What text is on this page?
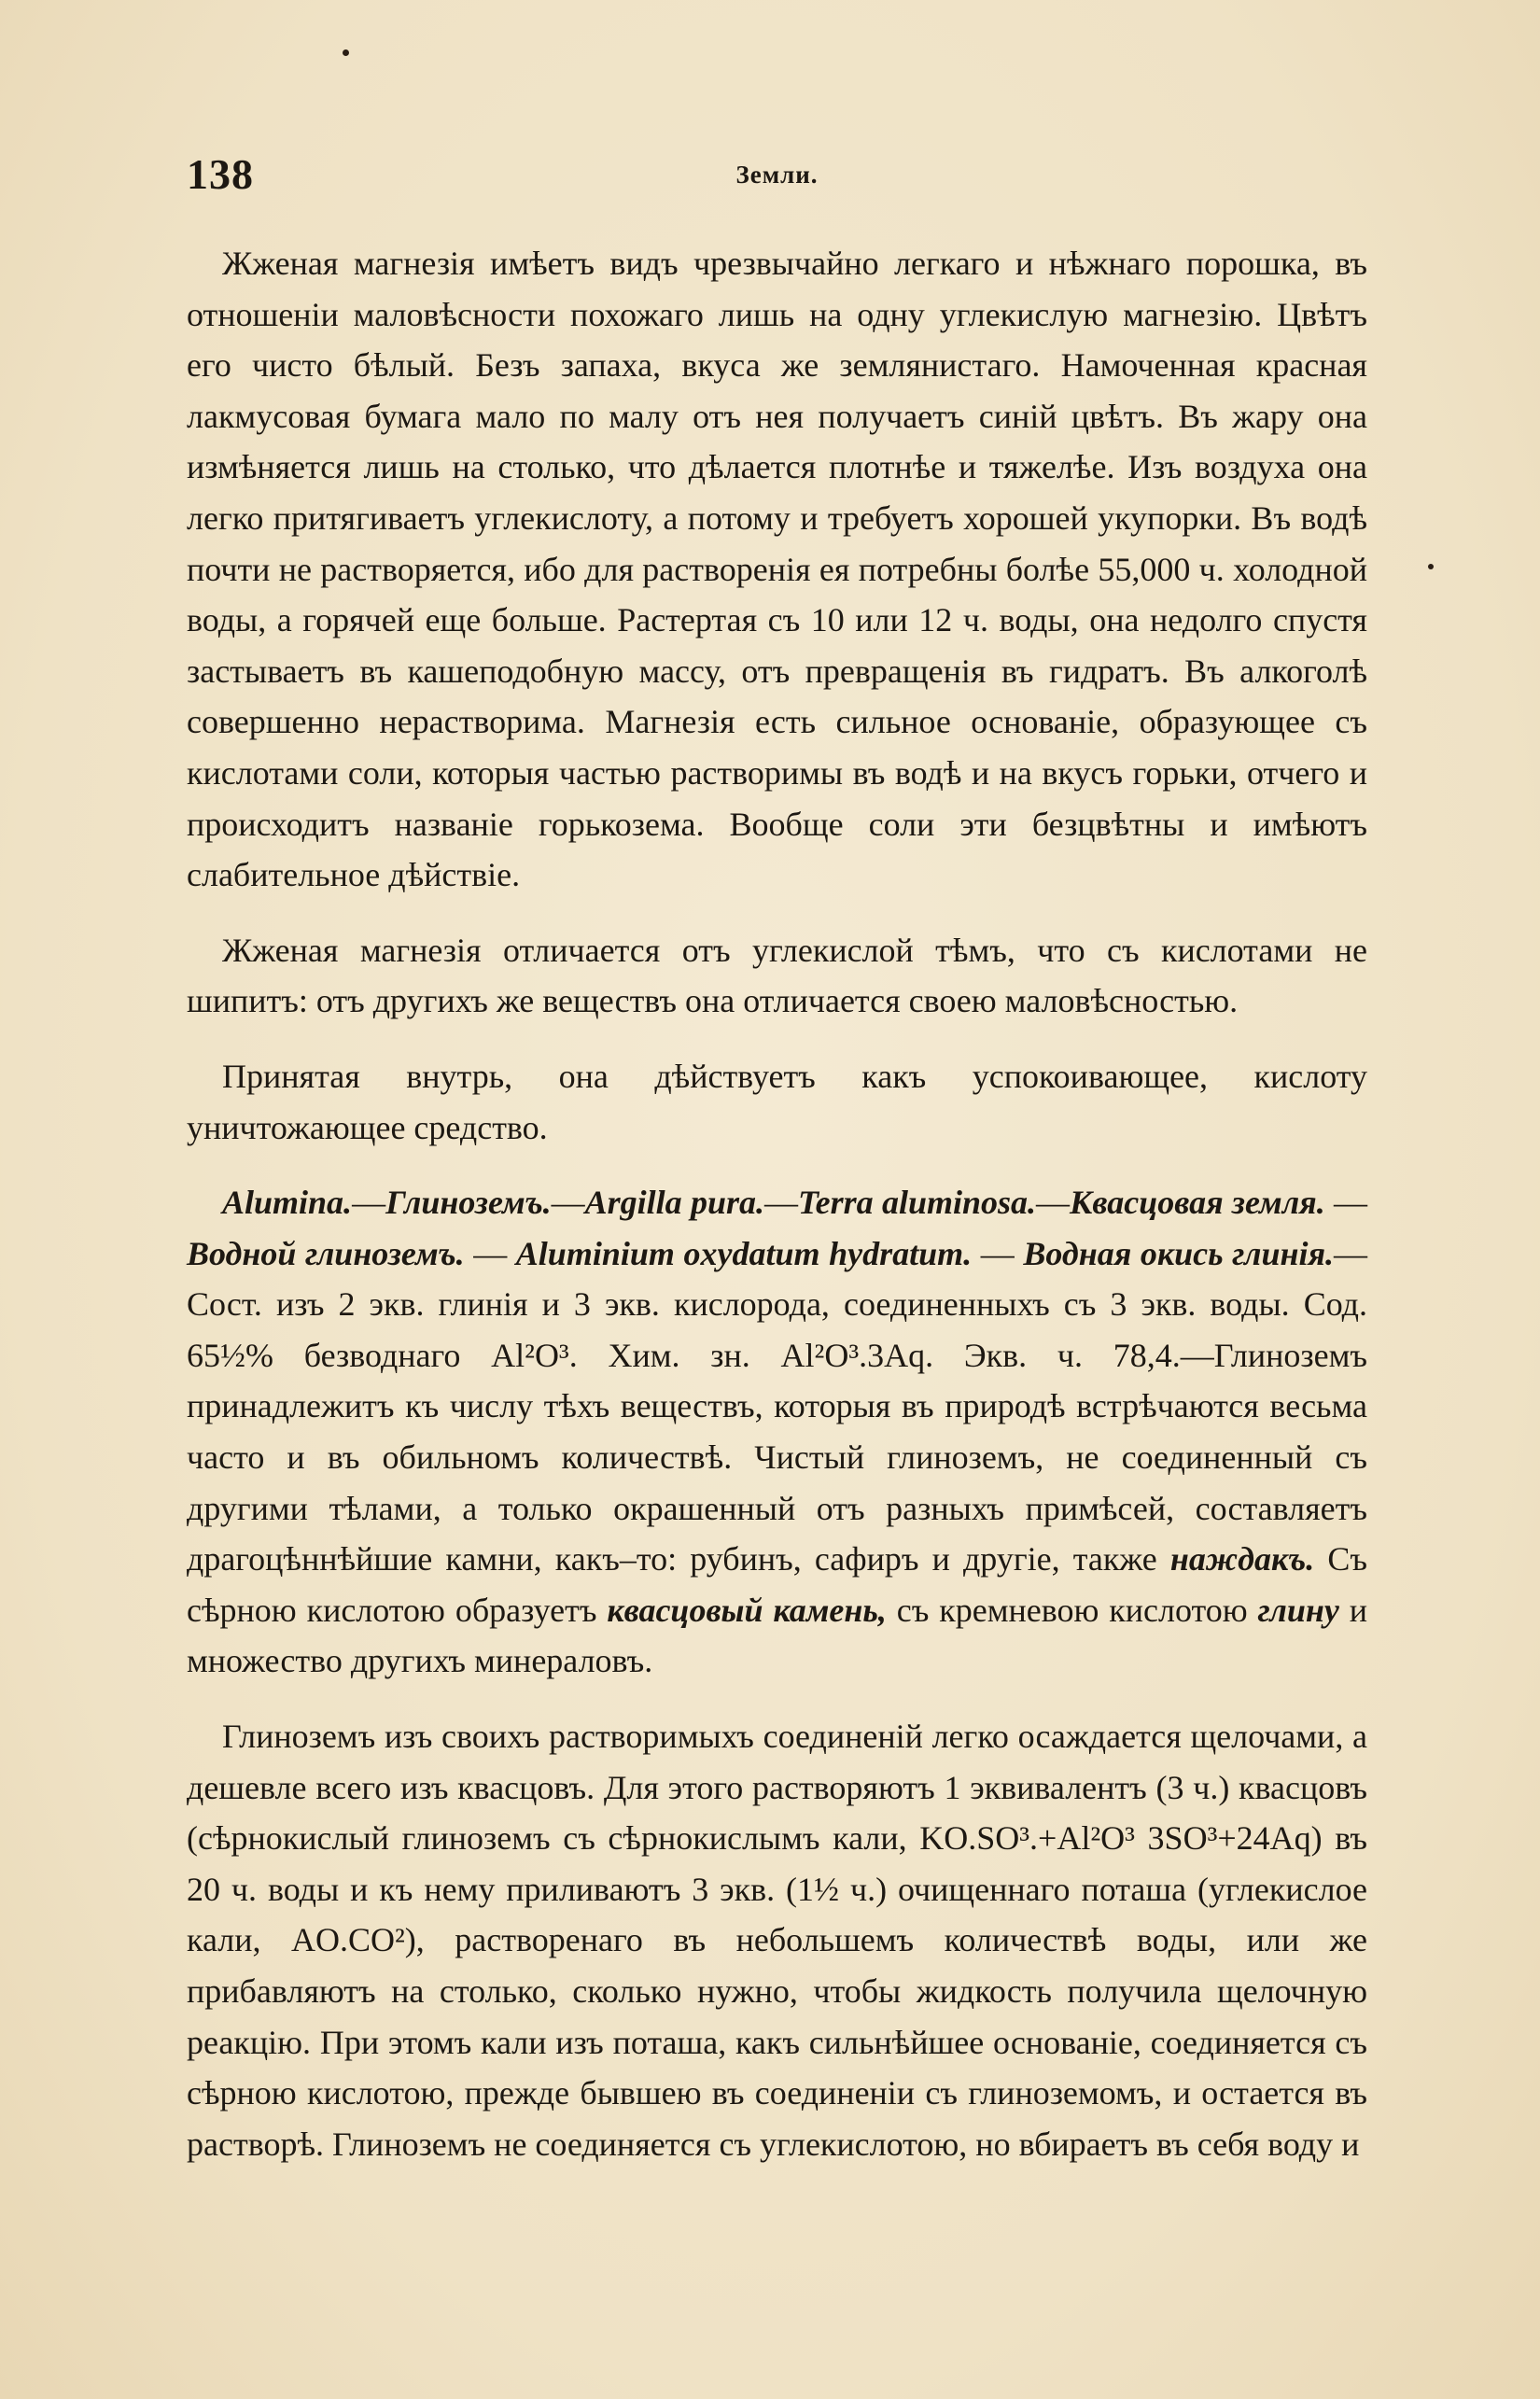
138	Земли.

Жженая магнезія имѣетъ видъ чрезвычайно легкаго и нѣжнаго порошка, въ отношеніи маловѣсности похожаго лишь на одну углекислую магнезію. Цвѣтъ его чисто бѣлый. Безъ запаха, вкуса же землянистаго. Намоченная красная лакмусовая бумага мало по малу отъ нея получаетъ синій цвѣтъ. Въ жару она измѣняется лишь на столько, что дѣлается плотнѣе и тяжелѣе. Изъ воздуха она легко притягиваетъ углекислоту, а потому и требуетъ хорошей укупорки. Въ водѣ почти не растворяется, ибо для растворенія ея потребны болѣе 55,000 ч. холодной воды, а горячей еще больше. Растертая съ 10 или 12 ч. воды, она недолго спустя застываетъ въ кашеподобную массу, отъ превращенія въ гидратъ. Въ алкоголѣ совершенно нерастворима. Магнезія есть сильное основаніе, образующее съ кислотами соли, которыя частью растворимы въ водѣ и на вкусъ горьки, отчего и происходитъ названіе горькозема. Вообще соли эти безцвѣтны и имѣютъ слабительное дѣйствіе.

Жженая магнезія отличается отъ углекислой тѣмъ, что съ кислотами не шипитъ: отъ другихъ же веществъ она отличается своею маловѣсностью.

Принятая внутрь, она дѣйствуетъ какъ успокоивающее, кислоту уничтожающее средство.

Alumina.—Глиноземъ.—Argilla pura.—Terra aluminosa.—Квасцовая земля. — Водной глиноземъ. — Aluminium oxydatum hydratum. — Водная окись глинія.—Сост. изъ 2 экв. глинія и 3 экв. кислорода, соединенныхъ съ 3 экв. воды. Сод. 65½% безводнаго Al²O³. Хим. зн. Al²O³.3Aq. Экв. ч. 78,4.—Глиноземъ принадлежитъ къ числу тѣхъ веществъ, которыя въ природѣ встрѣчаются весьма часто и въ обильномъ количествѣ. Чистый глиноземъ, не соединенный съ другими тѣлами, а только окрашенный отъ разныхъ примѣсей, составляетъ драгоцѣннѣйшие камни, какъ–то: рубинъ, сафиръ и другіе, также наждакъ. Съ сѣрною кислотою образуетъ квасцовый камень, съ кремневою кислотою глину и множество другихъ минераловъ.

Глиноземъ изъ своихъ растворимыхъ соединеній легко осаждается щелочами, а дешевле всего изъ квасцовъ. Для этого растворяютъ 1 эквивалентъ (3 ч.) квасцовъ (сѣрнокислый глиноземъ съ сѣрнокислымъ кали, KO.SO³.+Al²O³ 3SO³+24Aq) въ 20 ч. воды и къ нему приливаютъ 3 экв. (1½ ч.) очищеннаго поташа (углекислое кали, AO.CO²), растворенаго въ небольшемъ количествѣ воды, или же прибавляютъ на столько, сколько нужно, чтобы жидкость получила щелочную реакцію. При этомъ кали изъ поташа, какъ сильнѣйшее основаніе, соединяется съ сѣрною кислотою, прежде бывшею въ соединеніи съ глиноземомъ, и остается въ растворѣ. Глиноземъ не соединяется съ углекислотою, но вбираетъ въ себя воду и
